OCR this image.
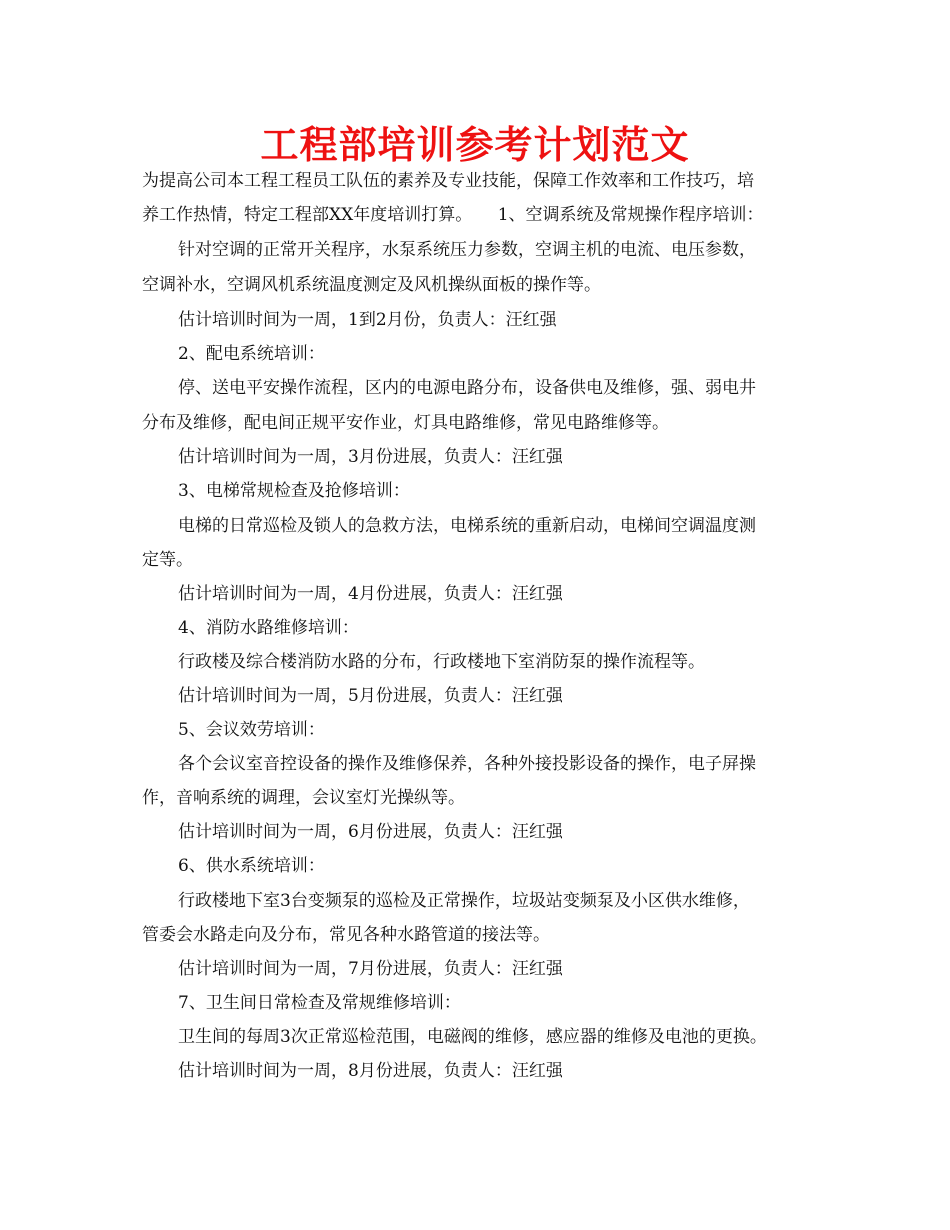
工程部培训参考计划范文
为提高公司本工程工程员工队伍的素养及专业技能，保障工作效率和工作技巧，培
养工作热情，特定工程部XX年度培训打算。　　1、空调系统及常规操作程序培训：
针对空调的正常开关程序，水泵系统压力参数，空调主机的电流、电压参数，
空调补水，空调风机系统温度测定及风机操纵面板的操作等。
估计培训时间为一周，1到2月份，负责人：汪红强
2、配电系统培训：
停、送电平安操作流程，区内的电源电路分布，设备供电及维修，强、弱电井
分布及维修，配电间正规平安作业，灯具电路维修，常见电路维修等。
估计培训时间为一周，3月份进展，负责人：汪红强
3、电梯常规检查及抢修培训：
电梯的日常巡检及锁人的急救方法，电梯系统的重新启动，电梯间空调温度测
定等。
估计培训时间为一周，4月份进展，负责人：汪红强
4、消防水路维修培训：
行政楼及综合楼消防水路的分布，行政楼地下室消防泵的操作流程等。
估计培训时间为一周，5月份进展，负责人：汪红强
5、会议效劳培训：
各个会议室音控设备的操作及维修保养，各种外接投影设备的操作，电子屏操
作，音响系统的调理，会议室灯光操纵等。
估计培训时间为一周，6月份进展，负责人：汪红强
6、供水系统培训：
行政楼地下室3台变频泵的巡检及正常操作，垃圾站变频泵及小区供水维修，
管委会水路走向及分布，常见各种水路管道的接法等。
估计培训时间为一周，7月份进展，负责人：汪红强
7、卫生间日常检查及常规维修培训：
卫生间的每周3次正常巡检范围，电磁阀的维修，感应器的维修及电池的更换。
估计培训时间为一周，8月份进展，负责人：汪红强
